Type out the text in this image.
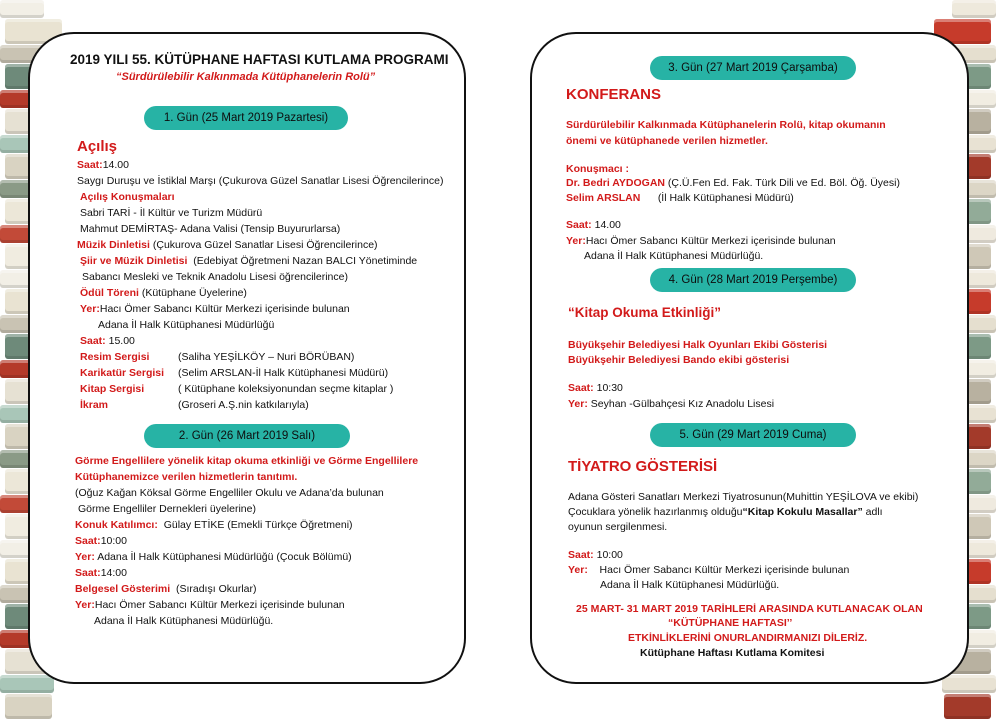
2019 YILI 55. KÜTÜPHANE HAFTASI KUTLAMA PROGRAMI
“Sürdürülebilir Kalkınmada Kütüphanelerin Rolü”
1. Gün (25 Mart 2019 Pazartesi)
Açılış
Saat:14.00
Saygı Duruşu ve İstiklal Marşı (Çukurova Güzel Sanatlar Lisesi Öğrencilerince)
Açılış Konuşmaları
Sabri TARİ - İl Kültür ve Turizm Müdürü
Mahmut DEMİRTAŞ- Adana Valisi (Tensip Buyururlarsa)
Müzik Dinletisi (Çukurova Güzel Sanatlar Lisesi Öğrencilerince)
Şiir ve Müzik Dinletisi (Edebiyat Öğretmeni Nazan BALCI Yönetiminde
Sabancı Mesleki ve Teknik Anadolu Lisesi öğrencilerince)
Ödül Töreni (Kütüphane Üyelerine)
Yer:Hacı Ömer Sabancı Kültür Merkezi içerisinde bulunan
Adana İl Halk Kütüphanesi Müdürlüğü
Saat: 15.00
Resim Sergisi	(Saliha YEŞİLKÖY – Nuri BÖRÜBAN)
Karikatür Sergisi (Selim ARSLAN-İl Halk Kütüphanesi Müdürü)
Kitap Sergisi	( Kütüphane koleksiyonundan seçme kitaplar )
İkram	(Groseri A.Ş.nin katkılarıyla)
2. Gün (26 Mart 2019 Salı)
Görme Engellilere yönelik kitap okuma etkinliği ve Görme Engellilere
Kütüphanemizce verilen hizmetlerin tanıtımı.
(Oğuz Kağan Köksal Görme Engelliler Okulu ve Adana’da bulunan
Görme Engelliler Dernekleri üyelerine)
Konuk Katılımcı: Gülay ETİKE (Emekli Türkçe Öğretmeni)
Saat:10:00
Yer: Adana İl Halk Kütüphanesi Müdürlüğü (Çocuk Bölümü)
Saat:14:00
Belgesel Gösterimi (Sıradışı Okurlar)
Yer:Hacı Ömer Sabancı Kültür Merkezi içerisinde bulunan
Adana İl Halk Kütüphanesi Müdürlüğü.
3. Gün (27 Mart 2019 Çarşamba)
KONFERANS
Sürdürülebilir Kalkınmada Kütüphanelerin Rolü, kitap okumanın
önemi ve kütüphanede verilen hizmetler.
Konuşmacı :
Dr. Bedri AYDOGAN (Ç.Ü.Fen Ed. Fak. Türk Dili ve Ed. Böl. Öğ. Üyesi)
Selim ARSLAN (İl Halk Kütüphanesi Müdürü)
Saat: 14.00
Yer:Hacı Ömer Sabancı Kültür Merkezi içerisinde bulunan
Adana İl Halk Kütüphanesi Müdürlüğü.
4. Gün (28 Mart 2019 Perşembe)
“Kitap Okuma Etkinliği”
Büyükşehir Belediyesi Halk Oyunları Ekibi Gösterisi
Büyükşehir Belediyesi Bando ekibi gösterisi
Saat: 10:30
Yer: Seyhan -Gülbahçesi Kız Anadolu Lisesi
5. Gün (29 Mart 2019 Cuma)
TİYATRO GÖSTERİSİ
Adana Gösteri Sanatları Merkezi Tiyatrosunun(Muhittin YEŞİLOVA ve ekibi)
Çocuklara yönelik hazırlanmış olduğu“Kitap Kokulu Masallar” adlı
oyunun sergilenmesi.
Saat: 10:00
Yer: Hacı Ömer Sabancı Kültür Merkezi içerisinde bulunan
Adana İl Halk Kütüphanesi Müdürlüğü.
25 MART- 31 MART 2019 TARİHLERİ ARASINDA KUTLANACAK OLAN
“KÜTÜPHANE HAFTASI’’
ETKİNLİKLERİNİ ONURLANDIRMANIZI DİLERİZ.
Kütüphane Haftası Kutlama Komitesi
